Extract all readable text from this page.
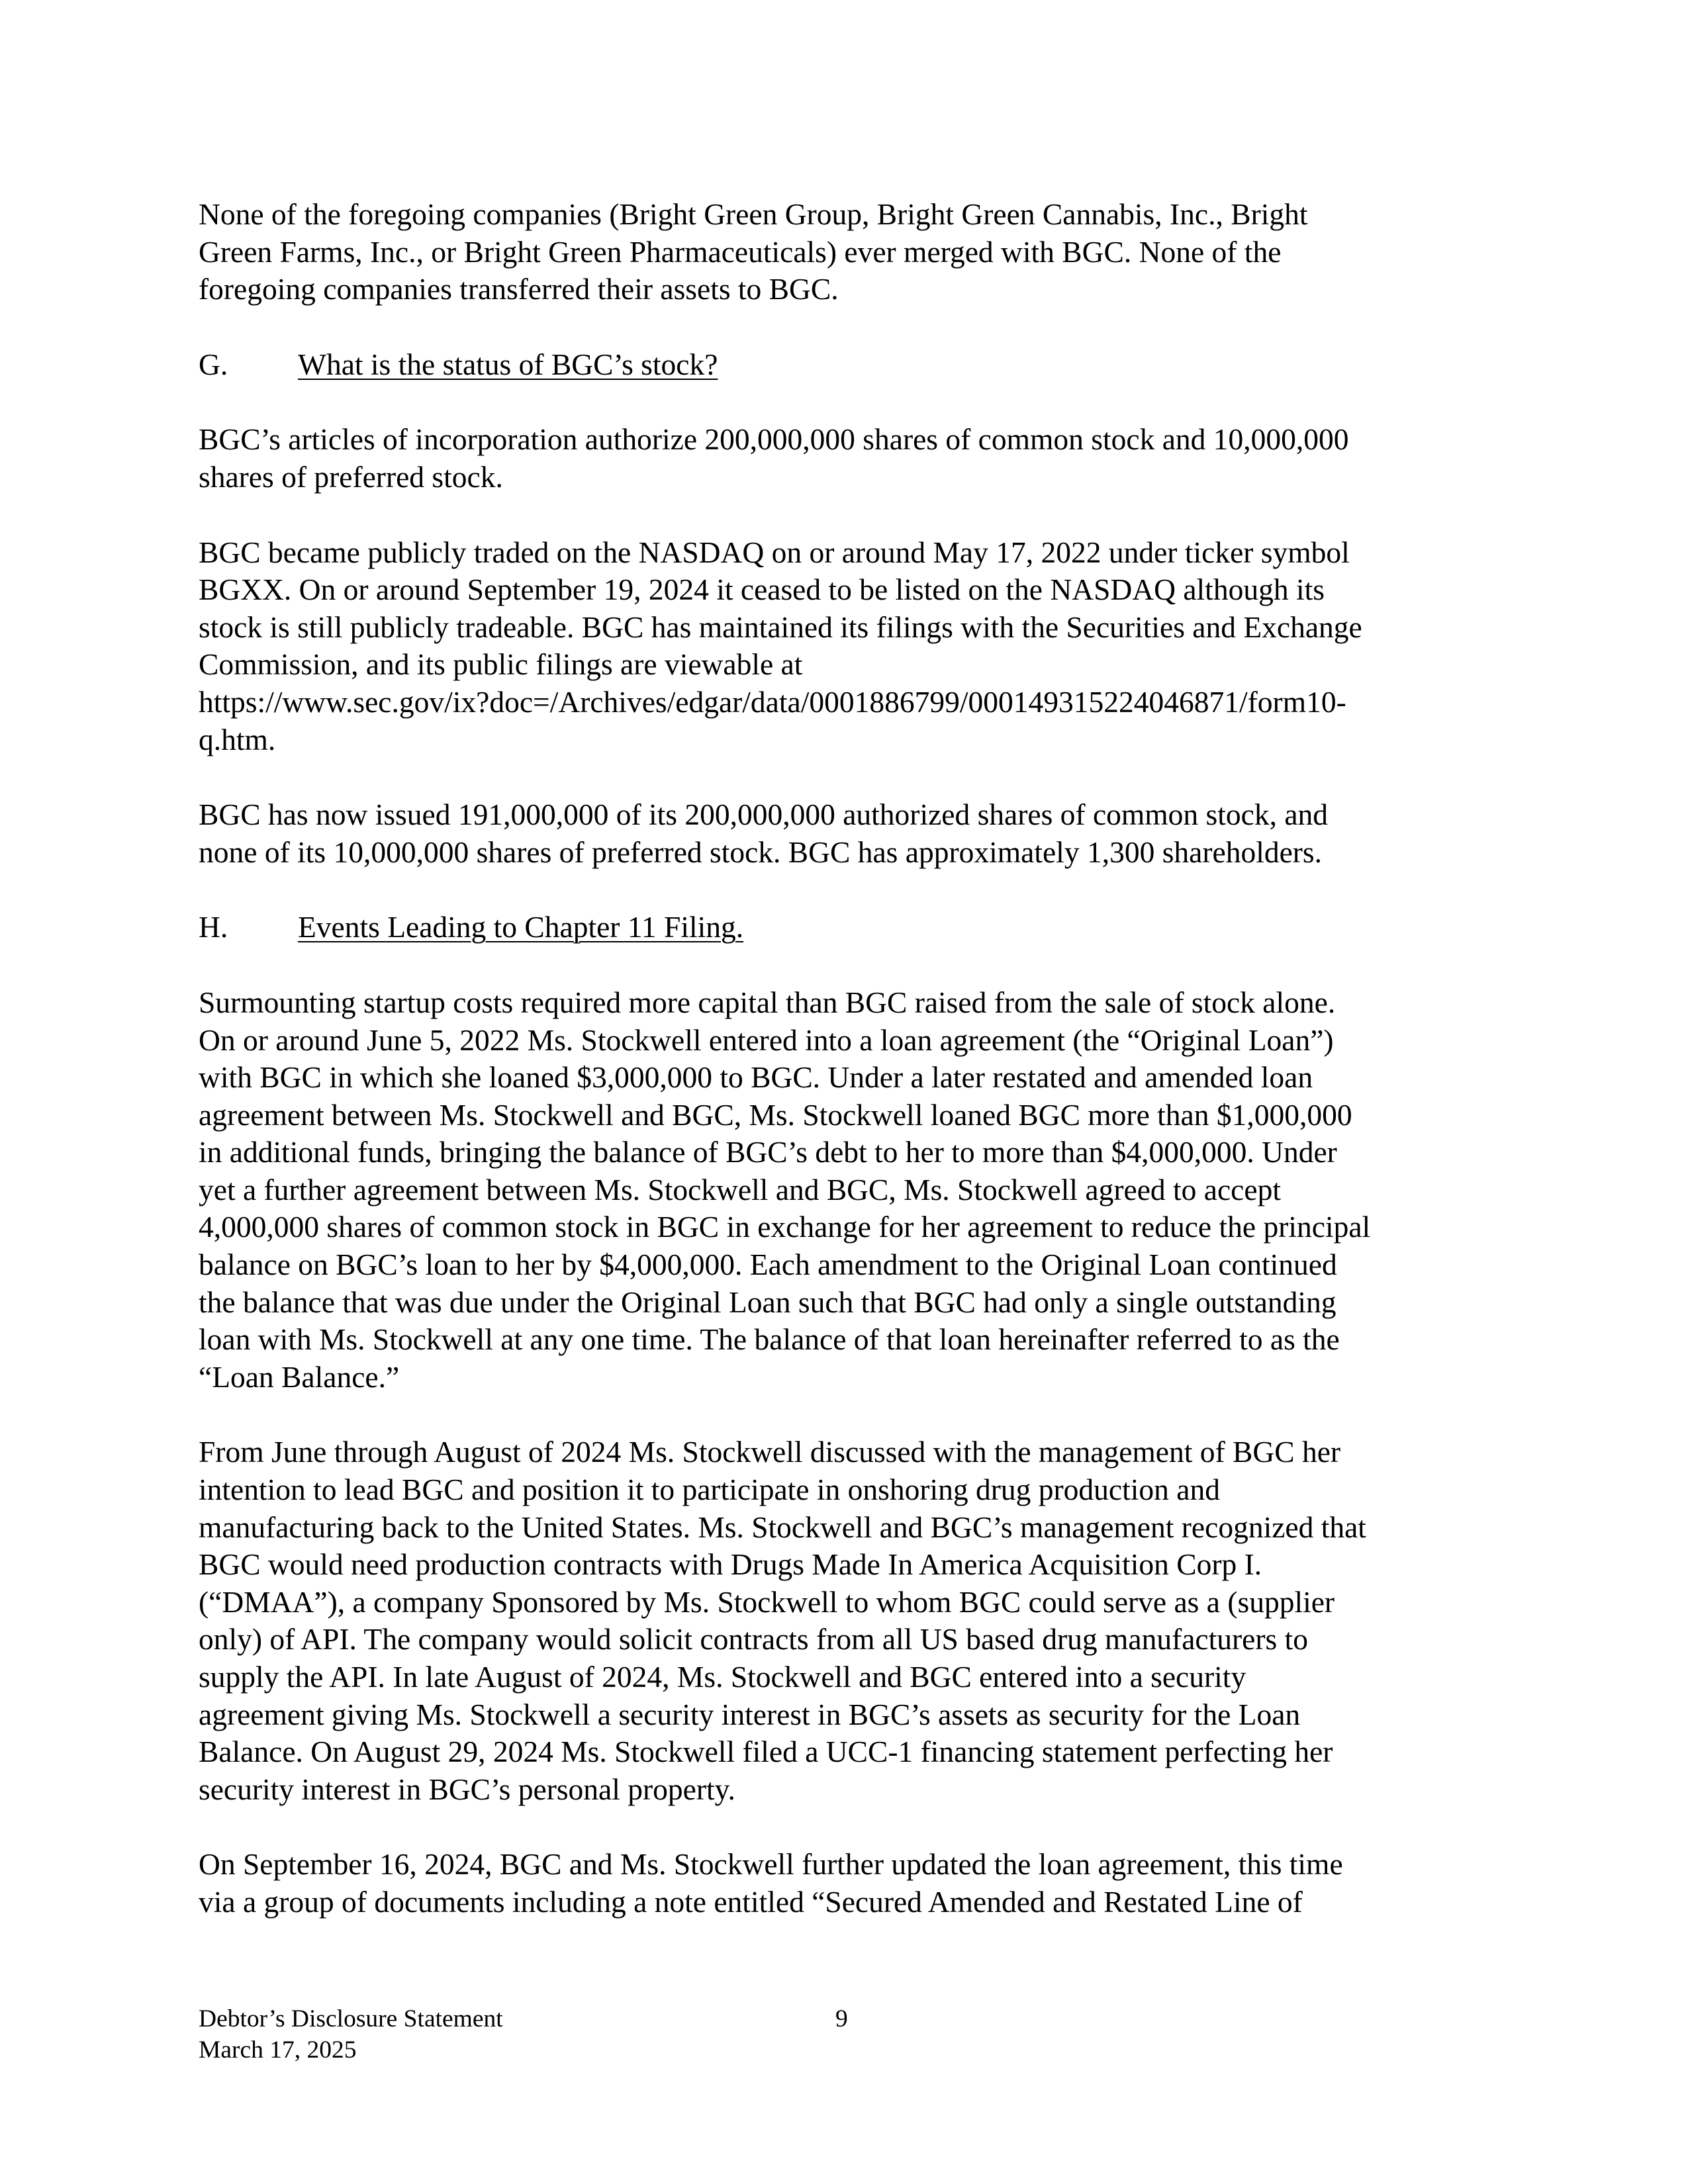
None of the foregoing companies (Bright Green Group, Bright Green Cannabis, Inc., Bright
Green Farms, Inc., or Bright Green Pharmaceuticals) ever merged with BGC. None of the
foregoing companies transferred their assets to BGC.
G. What is the status of BGC’s stock?
BGC’s articles of incorporation authorize 200,000,000 shares of common stock and 10,000,000
shares of preferred stock.
BGC became publicly traded on the NASDAQ on or around May 17, 2022 under ticker symbol
BGXX. On or around September 19, 2024 it ceased to be listed on the NASDAQ although its
stock is still publicly tradeable. BGC has maintained its filings with the Securities and Exchange
Commission, and its public filings are viewable at
https://www.sec.gov/ix?doc=/Archives/edgar/data/0001886799/000149315224046871/form10-
q.htm.
BGC has now issued 191,000,000 of its 200,000,000 authorized shares of common stock, and
none of its 10,000,000 shares of preferred stock. BGC has approximately 1,300 shareholders.
H. Events Leading to Chapter 11 Filing.
Surmounting startup costs required more capital than BGC raised from the sale of stock alone.
On or around June 5, 2022 Ms. Stockwell entered into a loan agreement (the “Original Loan”)
with BGC in which she loaned $3,000,000 to BGC. Under a later restated and amended loan
agreement between Ms. Stockwell and BGC, Ms. Stockwell loaned BGC more than $1,000,000
in additional funds, bringing the balance of BGC’s debt to her to more than $4,000,000. Under
yet a further agreement between Ms. Stockwell and BGC, Ms. Stockwell agreed to accept
4,000,000 shares of common stock in BGC in exchange for her agreement to reduce the principal
balance on BGC’s loan to her by $4,000,000. Each amendment to the Original Loan continued
the balance that was due under the Original Loan such that BGC had only a single outstanding
loan with Ms. Stockwell at any one time. The balance of that loan hereinafter referred to as the
“Loan Balance.”
From June through August of 2024 Ms. Stockwell discussed with the management of BGC her
intention to lead BGC and position it to participate in onshoring drug production and
manufacturing back to the United States. Ms. Stockwell and BGC’s management recognized that
BGC would need production contracts with Drugs Made In America Acquisition Corp I.
(“DMAA”), a company Sponsored by Ms. Stockwell to whom BGC could serve as a (supplier
only) of API. The company would solicit contracts from all US based drug manufacturers to
supply the API. In late August of 2024, Ms. Stockwell and BGC entered into a security
agreement giving Ms. Stockwell a security interest in BGC’s assets as security for the Loan
Balance. On August 29, 2024 Ms. Stockwell filed a UCC-1 financing statement perfecting her
security interest in BGC’s personal property.
On September 16, 2024, BGC and Ms. Stockwell further updated the loan agreement, this time
via a group of documents including a note entitled “Secured Amended and Restated Line of
Debtor’s Disclosure Statement
March 17, 2025
9
